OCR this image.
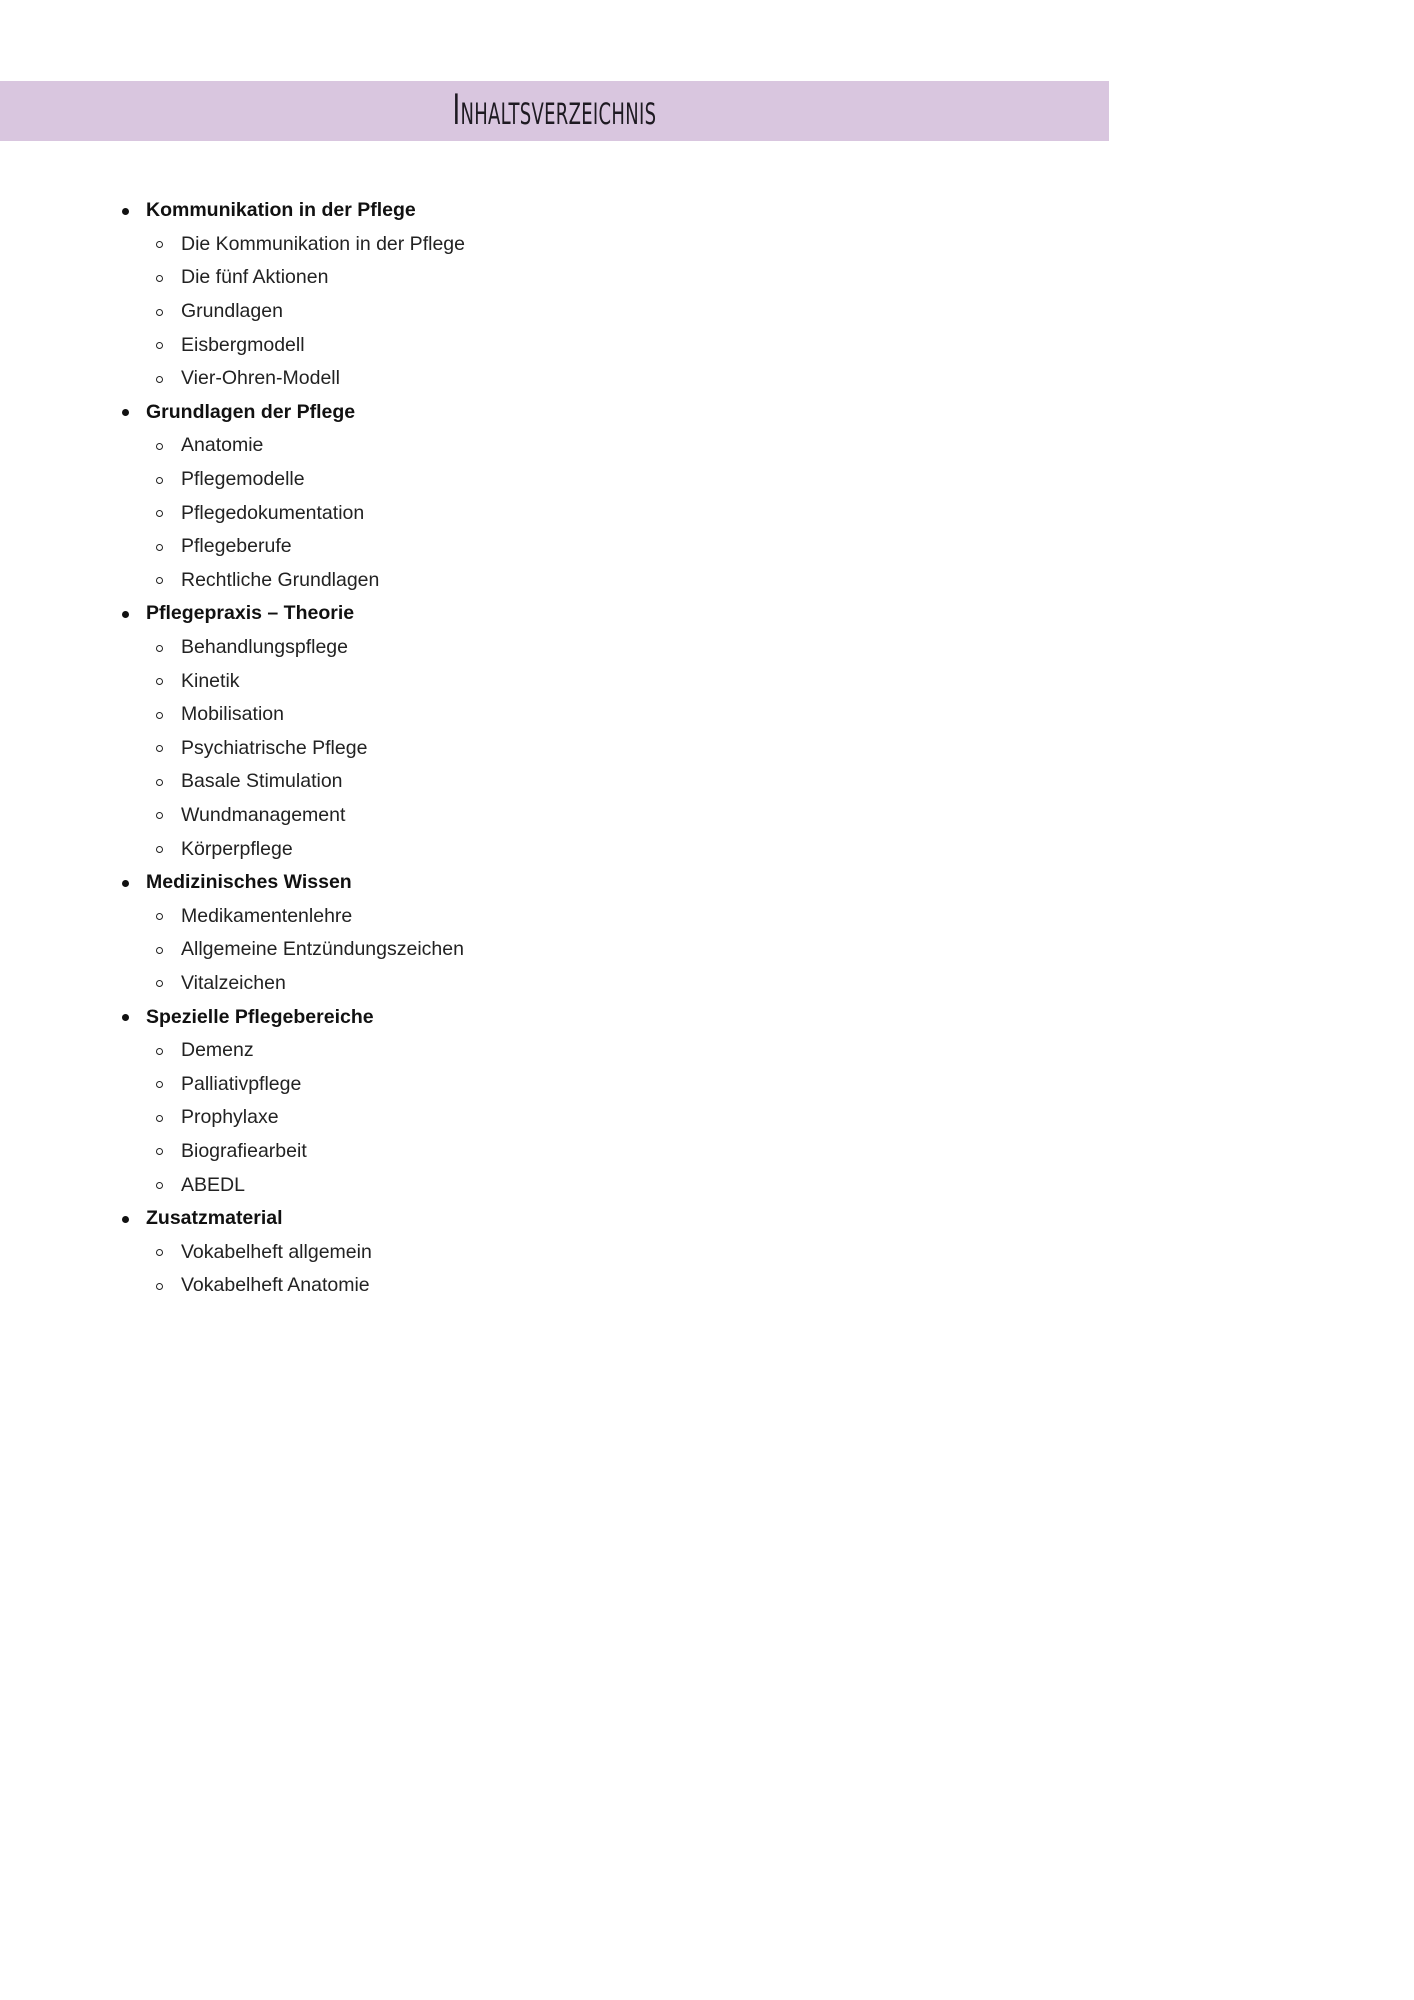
Inhaltsverzeichnis
Kommunikation in der Pflege
Die Kommunikation in der Pflege
Die fünf Aktionen
Grundlagen
Eisbergmodell
Vier-Ohren-Modell
Grundlagen der Pflege
Anatomie
Pflegemodelle
Pflegedokumentation
Pflegeberufe
Rechtliche Grundlagen
Pflegepraxis – Theorie
Behandlungspflege
Kinetik
Mobilisation
Psychiatrische Pflege
Basale Stimulation
Wundmanagement
Körperpflege
Medizinisches Wissen
Medikamentenlehre
Allgemeine Entzündungszeichen
Vitalzeichen
Spezielle Pflegebereiche
Demenz
Palliativpflege
Prophylaxe
Biografiearbeit
ABEDL
Zusatzmaterial
Vokabelheft allgemein
Vokabelheft Anatomie
